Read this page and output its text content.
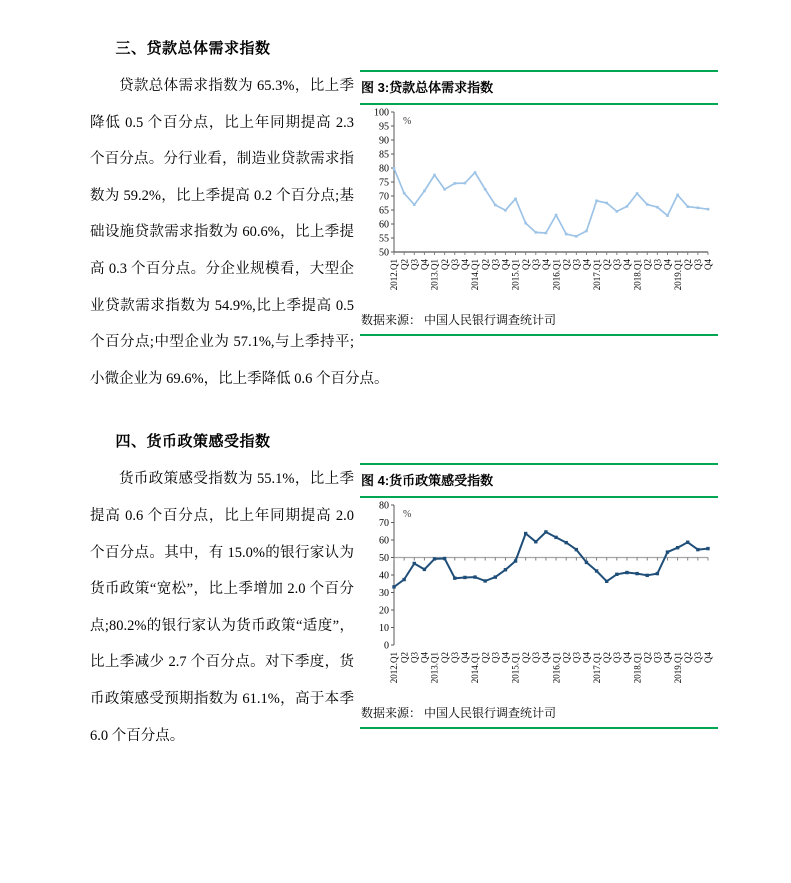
三、贷款总体需求指数
图 3:贷款总体需求指数
50
55
60
65
70
75
80
85
90
95
100
%
2012.Q1 Q2 Q3 Q4 2013.Q1 Q2 Q3 Q4 2014.Q1 Q2 Q3 Q4 2015.Q1 Q2 Q3 Q4 2016.Q1 Q2 Q3 Q4 2017.Q1 Q2 Q3 Q4 2018.Q1 Q2 Q3 Q4 2019.Q1 Q2 Q3 Q4
数据来源： 中国人民银行调查统计司

贷款总体需求指数为 65.3%，比上季降低 0.5 个百分点，比上年同期提高 2.3 个百分点。分行业看，制造业贷款需求指数为 59.2%，比上季提高 0.2 个百分点;基础设施贷款需求指数为 60.6%，比上季提高 0.3 个百分点。分企业规模看，大型企业贷款需求指数为 54.9%,比上季提高 0.5 个百分点;中型企业为 57.1%,与上季持平;小微企业为 69.6%，比上季降低 0.6 个百分点。

四、货币政策感受指数
图 4:货币政策感受指数
0
10
20
30
40
50
60
70
80
%
2012.Q1 Q2 Q3 Q4 2013.Q1 Q2 Q3 Q4 2014.Q1 Q2 Q3 Q4 2015.Q1 Q2 Q3 Q4 2016.Q1 Q2 Q3 Q4 2017.Q1 Q2 Q3 Q4 2018.Q1 Q2 Q3 Q4 2019.Q1 Q2 Q3 Q4
数据来源： 中国人民银行调查统计司

货币政策感受指数为 55.1%，比上季提高 0.6 个百分点，比上年同期提高 2.0 个百分点。其中，有 15.0%的银行家认为货币政策“宽松”，比上季增加 2.0 个百分点;80.2%的银行家认为货币政策“适度”，比上季减少 2.7 个百分点。对下季度，货币政策感受预期指数为 61.1%，高于本季 6.0 个百分点。
